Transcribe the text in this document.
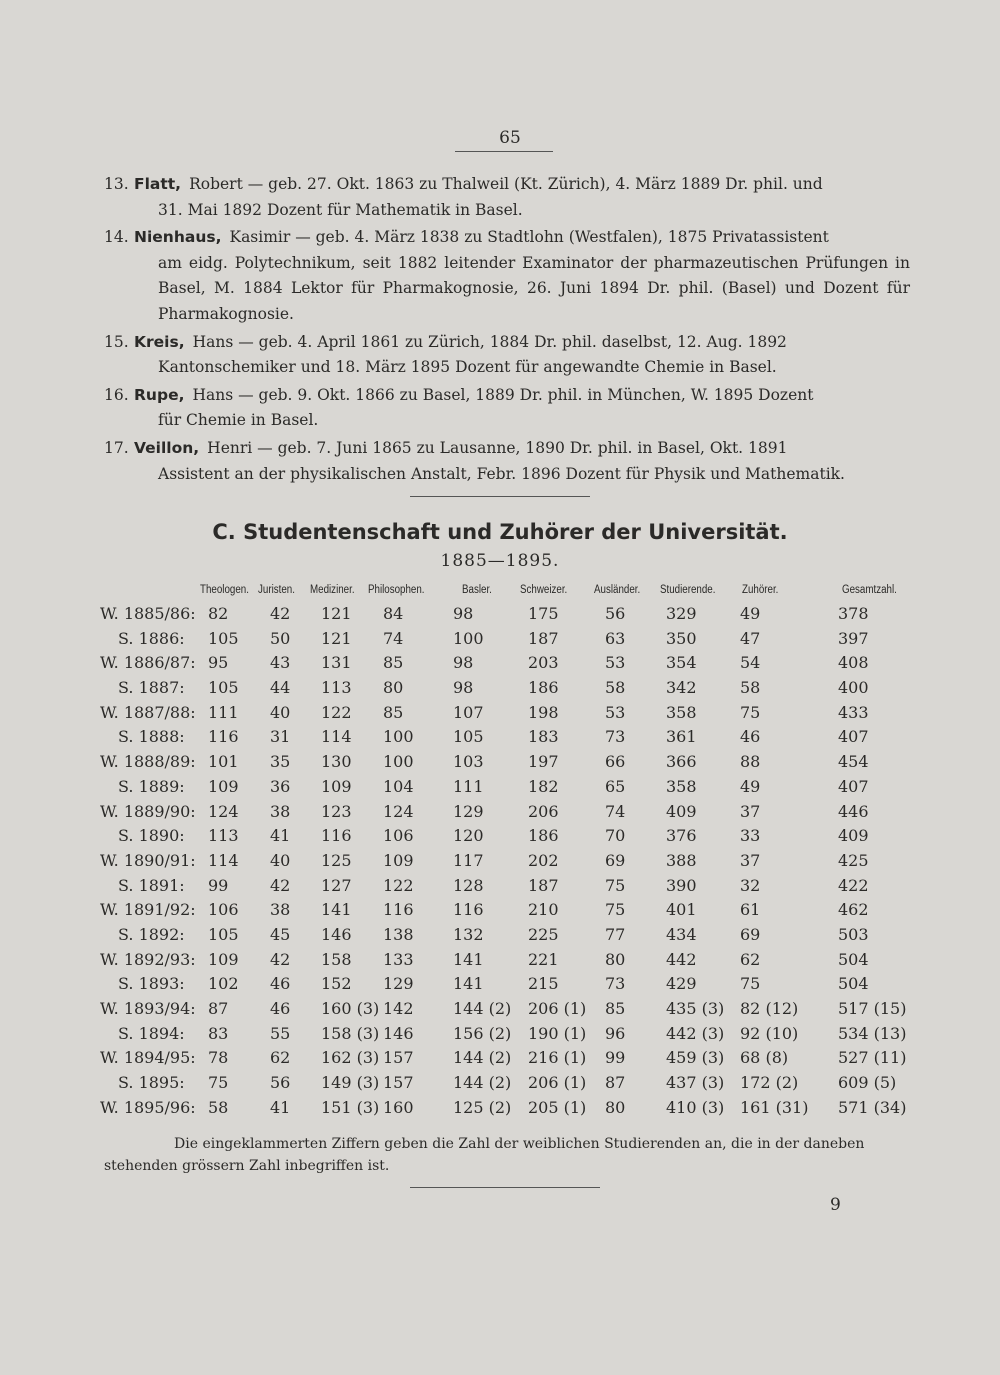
65
13. Flatt, Robert — geb. 27. Okt. 1863 zu Thalweil (Kt. Zürich), 4. März 1889 Dr. phil. und
31. Mai 1892 Dozent für Mathematik in Basel.
14. Nienhaus, Kasimir — geb. 4. März 1838 zu Stadtlohn (Westfalen), 1875 Privatassistent
am eidg. Polytechnikum, seit 1882 leitender Examinator der pharmazeutischen Prüfungen in Basel, M. 1884 Lektor für Pharmakognosie, 26. Juni 1894 Dr. phil. (Basel) und Dozent für Pharmakognosie.
15. Kreis, Hans — geb. 4. April 1861 zu Zürich, 1884 Dr. phil. daselbst, 12. Aug. 1892
Kantonschemiker und 18. März 1895 Dozent für angewandte Chemie in Basel.
16. Rupe, Hans — geb. 9. Okt. 1866 zu Basel, 1889 Dr. phil. in München, W. 1895 Dozent
für Chemie in Basel.
17. Veillon, Henri — geb. 7. Juni 1865 zu Lausanne, 1890 Dr. phil. in Basel, Okt. 1891
Assistent an der physikalischen Anstalt, Febr. 1896 Dozent für Physik und Mathematik.
C. Studentenschaft und Zuhörer der Universität.
1885—1895.
Theologen. Juristen. Mediziner. Philosophen.	Basler. Schweizer. Ausländer. Studierende. Zuhörer.	Gesamtzahl.
W. 1885/86: 82	42 121 84	98	175	56	329	49	378
S. 1886: 105 50 121 74	100	187	63	350	47	397
W. 1886/87: 95	43 131 85	98	203	53	354	54	408
S. 1887: 105 44 113 80	98	186	58	342	58	400
W. 1887/88: 111 40 122 85	107	198	53	358	75	433
S. 1888: 116 31 114 100 105	183	73	361	46	407
W. 1888/89: 101 35 130 100 103	197	66	366	88	454
S. 1889: 109 36 109 104 111	182	65	358	49	407
W. 1889/90: 124 38 123 124 129	206	74	409	37	446
S. 1890: 113 41 116 106 120	186	70	376	33	409
W. 1890/91: 114 40 125 109 117	202	69	388	37	425
S. 1891: 99	42 127 122 128	187	75	390	32	422
W. 1891/92: 106 38 141 116 116	210	75	401	61	462
S. 1892: 105 45 146 138 132	225	77	434	69	503
W. 1892/93: 109 42 158 133 141	221	80	442	62	504
S. 1893: 102 46 152 129 141	215	73	429	75	504
W. 1893/94: 87	46 160 (3) 142 144 (2) 206 (1) 85	435 (3) 82 (12) 517 (15)
S. 1894: 83	55 158 (3) 146 156 (2) 190 (1) 96	442 (3) 92 (10) 534 (13)
W. 1894/95: 78	62 162 (3) 157 144 (2) 216 (1) 99	459 (3) 68 (8)	527 (11)
S. 1895: 75	56 149 (3) 157 144 (2) 206 (1) 87	437 (3) 172 (2) 609 (5)
W. 1895/96: 58	41 151 (3) 160 125 (2) 205 (1) 80	410 (3) 161 (31) 571 (34)
Die eingeklammerten Ziffern geben die Zahl der weiblichen Studierenden an, die in der daneben
stehenden grössern Zahl inbegriffen ist.
9
